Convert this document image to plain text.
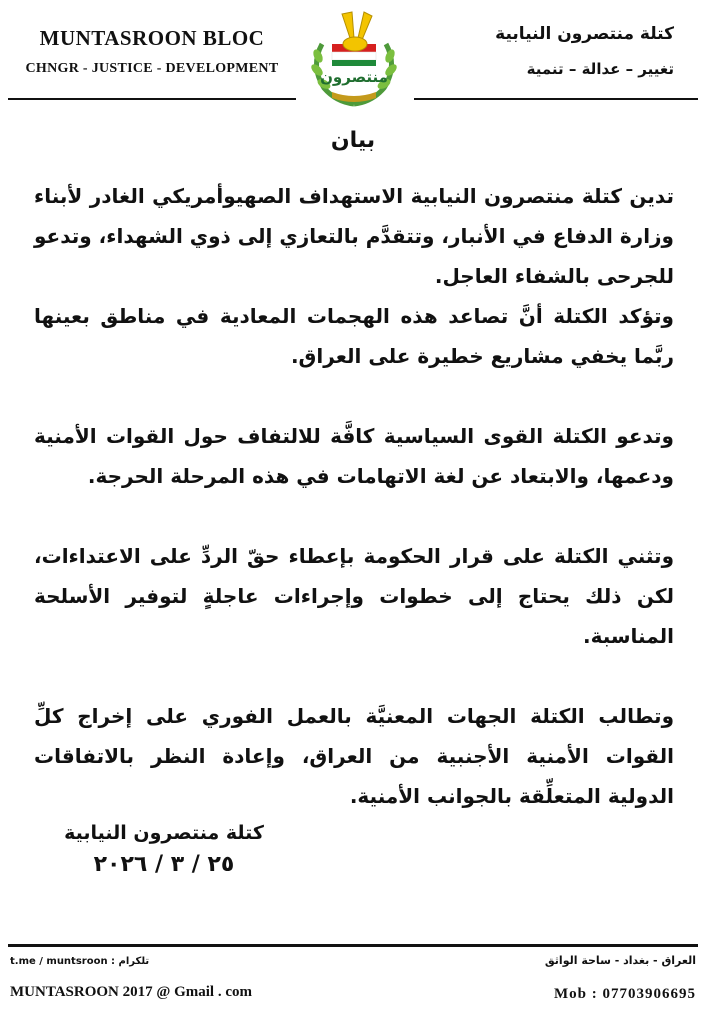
MUNTASROON BLOC
CHNGR - JUSTICE - DEVELOPMENT	منتصرون
كتلة منتصرون النيابية
تغيير – عدالة – تنمية
بيان

تدين كتلة منتصرون النيابية الاستهداف الصهيوأمريكي الغادر لأبناء وزارة الدفاع في الأنبار، وتتقدَّم بالتعازي إلى ذوي الشهداء، وتدعو للجرحى بالشفاء العاجل.

وتؤكد الكتلة أنَّ تصاعد هذه الهجمات المعادية في مناطق بعينها ربَّما يخفي مشاريع خطيرة على العراق.

وتدعو الكتلة القوى السياسية كافَّة للالتفاف حول القوات الأمنية ودعمها، والابتعاد عن لغة الاتهامات في هذه المرحلة الحرجة.

وتثني الكتلة على قرار الحكومة بإعطاء حقّ الردِّ على الاعتداءات، لكن ذلك يحتاج إلى خطوات وإجراءات عاجلةٍ لتوفير الأسلحة المناسبة.

وتطالب الكتلة الجهات المعنيَّة بالعمل الفوري على إخراج كلِّ القوات الأمنية الأجنبية من العراق، وإعادة النظر بالاتفاقات الدولية المتعلِّقة بالجوانب الأمنية.

كتلة منتصرون النيابية
٢٥ / ٣ / ٢٠٢٦
t.me / muntsroon : تلكرام	العراق - بغداد - ساحة الواثق
MUNTASROON 2017 @ Gmail . com	Mob : 07703906695
